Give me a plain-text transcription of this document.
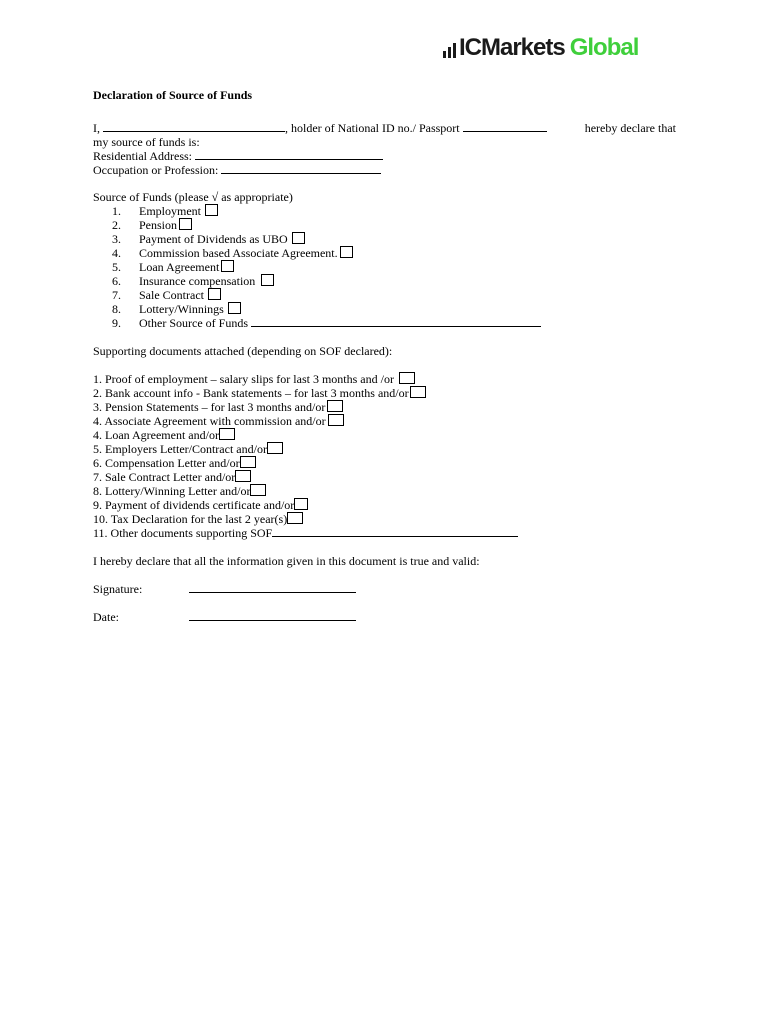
IC Markets Global
Declaration of Source of Funds
I,	, holder of National ID no./ Passport	hereby declare that
my source of funds is:
Residential Address:
Occupation or Profession:
Source of Funds (please √ as appropriate)
1. Employment
2. Pension
3. Payment of Dividends as UBO
4. Commission based Associate Agreement.
5. Loan Agreement
6. Insurance compensation
7. Sale Contract
8. Lottery/Winnings
9. Other Source of Funds
Supporting documents attached (depending on SOF declared):
1. Proof of employment – salary slips for last 3 months and /or
2. Bank account info - Bank statements – for last 3 months and/or
3. Pension Statements – for last 3 months and/or
4. Associate Agreement with commission and/or
4. Loan Agreement and/or
5. Employers Letter/Contract and/or
6. Compensation Letter and/or
7. Sale Contract Letter and/or
8. Lottery/Winning Letter and/or
9. Payment of dividends certificate and/or
10. Tax Declaration for the last 2 year(s)
11. Other documents supporting SOF
I hereby declare that all the information given in this document is true and valid:
Signature:
Date:
